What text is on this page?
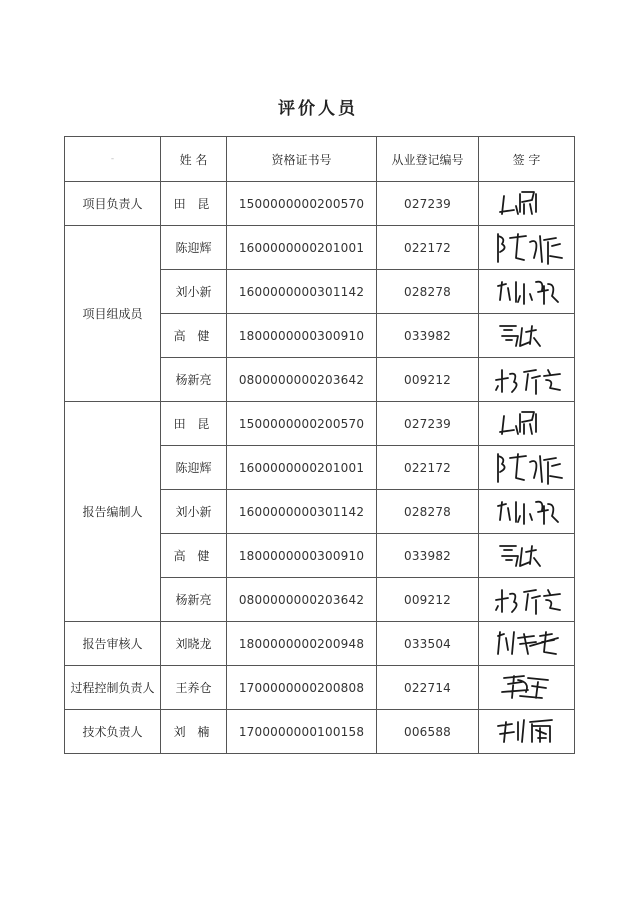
评价人员
-	姓 名	资格证书号	从业登记编号	签 字
项目负责人	田 昆	1500000000200570	027239	

项目组成员	陈迎辉	1600000000201001	022172	

	刘小新	1600000000301142	028278	

	高 健	1800000000300910	033982	

	杨新亮	0800000000203642	009212	

报告编制人	田 昆	1500000000200570	027239	

	陈迎辉	1600000000201001	022172	

	刘小新	1600000000301142	028278	

	高 健	1800000000300910	033982	

	杨新亮	0800000000203642	009212	

报告审核人	刘晓龙	1800000000200948	033504	

过程控制负责人	王养仓	1700000000200808	022714	

技术负责人	刘 楠	1700000000100158	006588	
